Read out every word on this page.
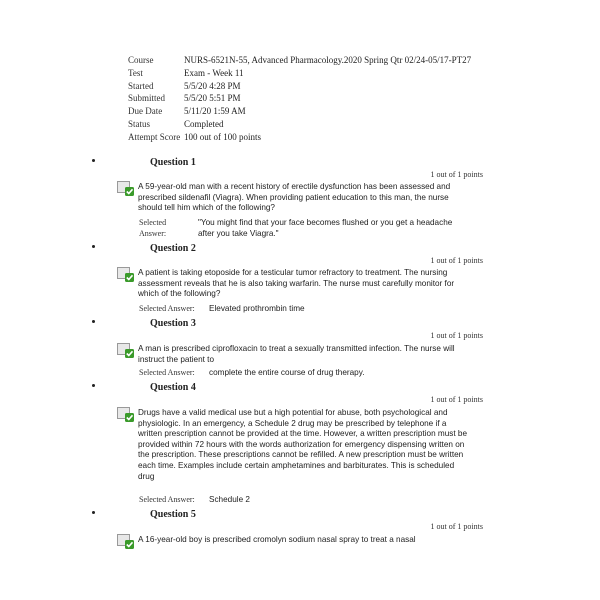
Course	NURS-6521N-55, Advanced Pharmacology.2020 Spring Qtr 02/24-05/17-PT27
Test	Exam - Week 11
Started	5/5/20 4:28 PM
Submitted	5/5/20 5:51 PM
Due Date	5/11/20 1:59 AM
Status	Completed
Attempt Score 100 out of 100 points
Question 1
1 out of 1 points
A 59-year-old man with a recent history of erectile dysfunction has been assessed and prescribed sildenafil (Viagra). When providing patient education to this man, the nurse should tell him which of the following?
Selected
Answer:
"You might find that your face becomes flushed or you get a headache after you take Viagra."
Question 2
1 out of 1 points
A patient is taking etoposide for a testicular tumor refractory to treatment. The nursing assessment reveals that he is also taking warfarin. The nurse must carefully monitor for which of the following?
Selected Answer: Elevated prothrombin time
Question 3
1 out of 1 points
A man is prescribed ciprofloxacin to treat a sexually transmitted infection. The nurse will instruct the patient to
Selected Answer: complete the entire course of drug therapy.
Question 4
1 out of 1 points
Drugs have a valid medical use but a high potential for abuse, both psychological and physiologic. In an emergency, a Schedule 2 drug may be prescribed by telephone if a written prescription cannot be provided at the time. However, a written prescription must be provided within 72 hours with the words authorization for emergency dispensing written on the prescription. These prescriptions cannot be refilled. A new prescription must be written each time. Examples include certain amphetamines and barbiturates. This is scheduled drug
Selected Answer: Schedule 2
Question 5
1 out of 1 points
A 16-year-old boy is prescribed cromolyn sodium nasal spray to treat a nasal
